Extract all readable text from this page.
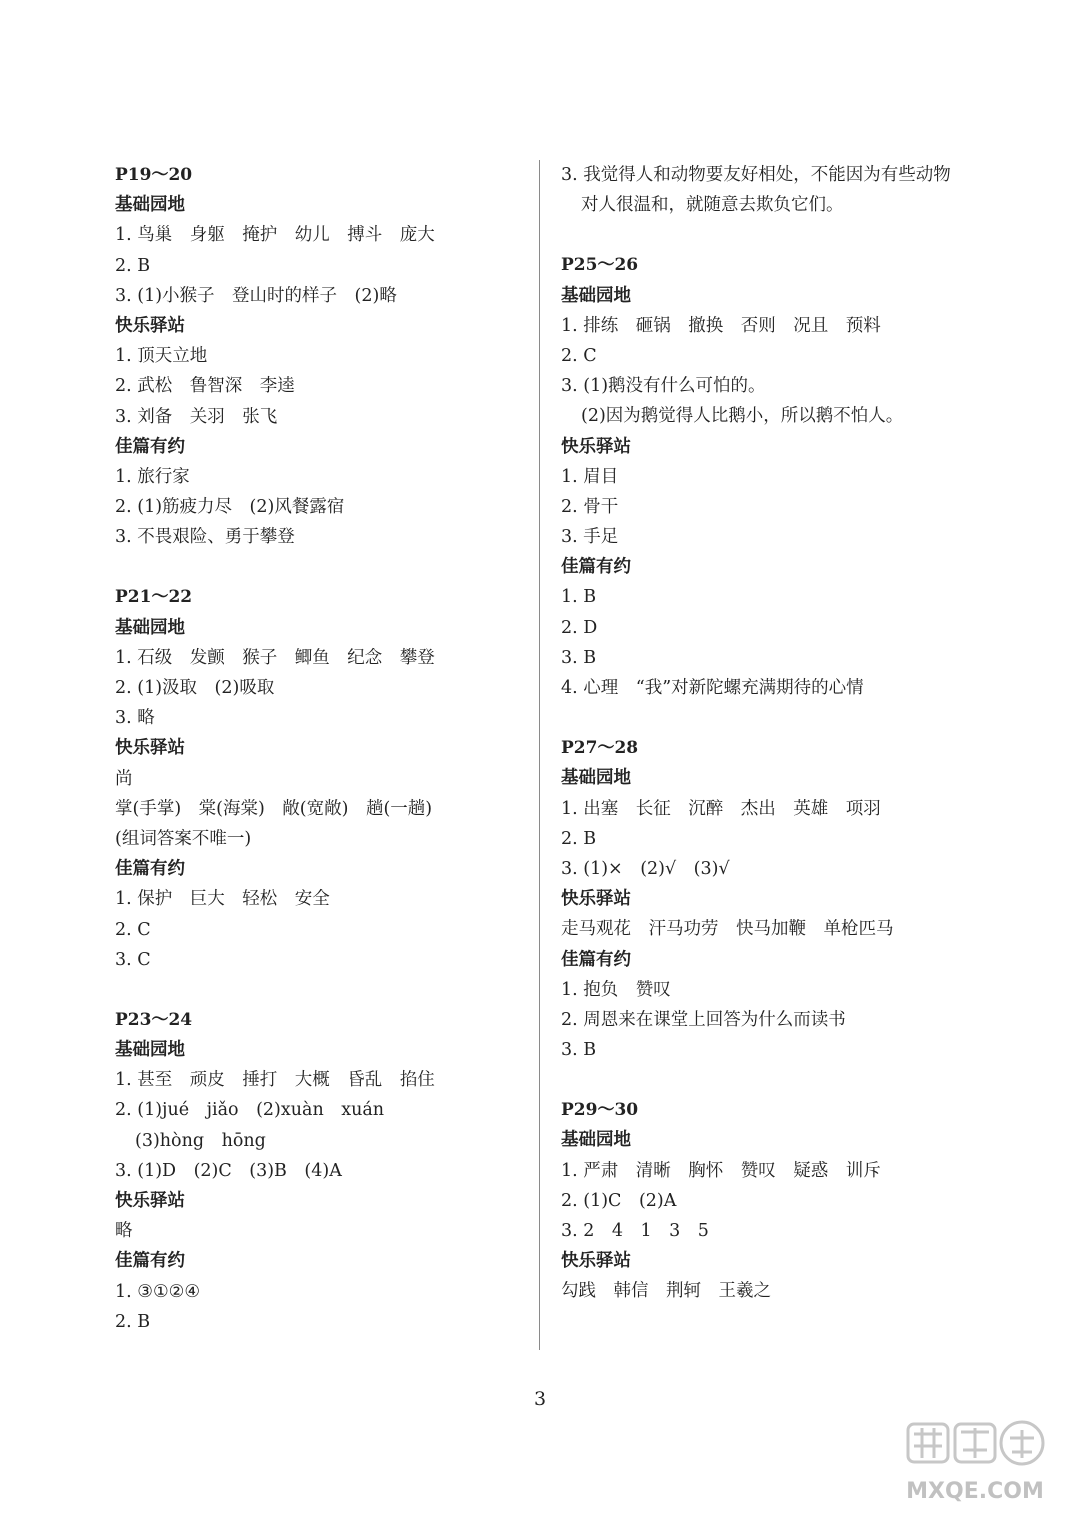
P19～20
基础园地
1. 鸟巢　身躯　掩护　幼儿　搏斗　庞大
2. B
3. (1)小猴子　登山时的样子　(2)略
快乐驿站
1. 顶天立地
2. 武松　鲁智深　李逵
3. 刘备　关羽　张飞
佳篇有约
1. 旅行家
2. (1)筋疲力尽　(2)风餐露宿
3. 不畏艰险、勇于攀登
P21～22
基础园地
1. 石级　发颤　猴子　鲫鱼　纪念　攀登
2. (1)汲取　(2)吸取
3. 略
快乐驿站
尚
掌(手掌)　棠(海棠)　敞(宽敞)　趟(一趟)
(组词答案不唯一)
佳篇有约
1. 保护　巨大　轻松　安全
2. C
3. C
P23～24
基础园地
1. 甚至　顽皮　捶打　大概　昏乱　掐住
2. (1)jué　jiǎo　(2)xuàn　xuán
(3)hòng　hōng
3. (1)D　(2)C　(3)B　(4)A
快乐驿站
略
佳篇有约
1. ③①②④
2. B
3. 我觉得人和动物要友好相处，不能因为有些动物
对人很温和，就随意去欺负它们。
P25～26
基础园地
1. 排练　砸锅　撤换　否则　况且　预料
2. C
3. (1)鹅没有什么可怕的。
(2)因为鹅觉得人比鹅小，所以鹅不怕人。
快乐驿站
1. 眉目
2. 骨干
3. 手足
佳篇有约
1. B
2. D
3. B
4. 心理　“我”对新陀螺充满期待的心情
P27～28
基础园地
1. 出塞　长征　沉醉　杰出　英雄　项羽
2. B
3. (1)×　(2)√　(3)√
快乐驿站
走马观花　汗马功劳　快马加鞭　单枪匹马
佳篇有约
1. 抱负　赞叹
2. 周恩来在课堂上回答为什么而读书
3. B
P29～30
基础园地
1. 严肃　清晰　胸怀　赞叹　疑惑　训斥
2. (1)C　(2)A
3. 2　4　1　3　5
快乐驿站
勾践　韩信　荆轲　王羲之
3
MXQE.COM
